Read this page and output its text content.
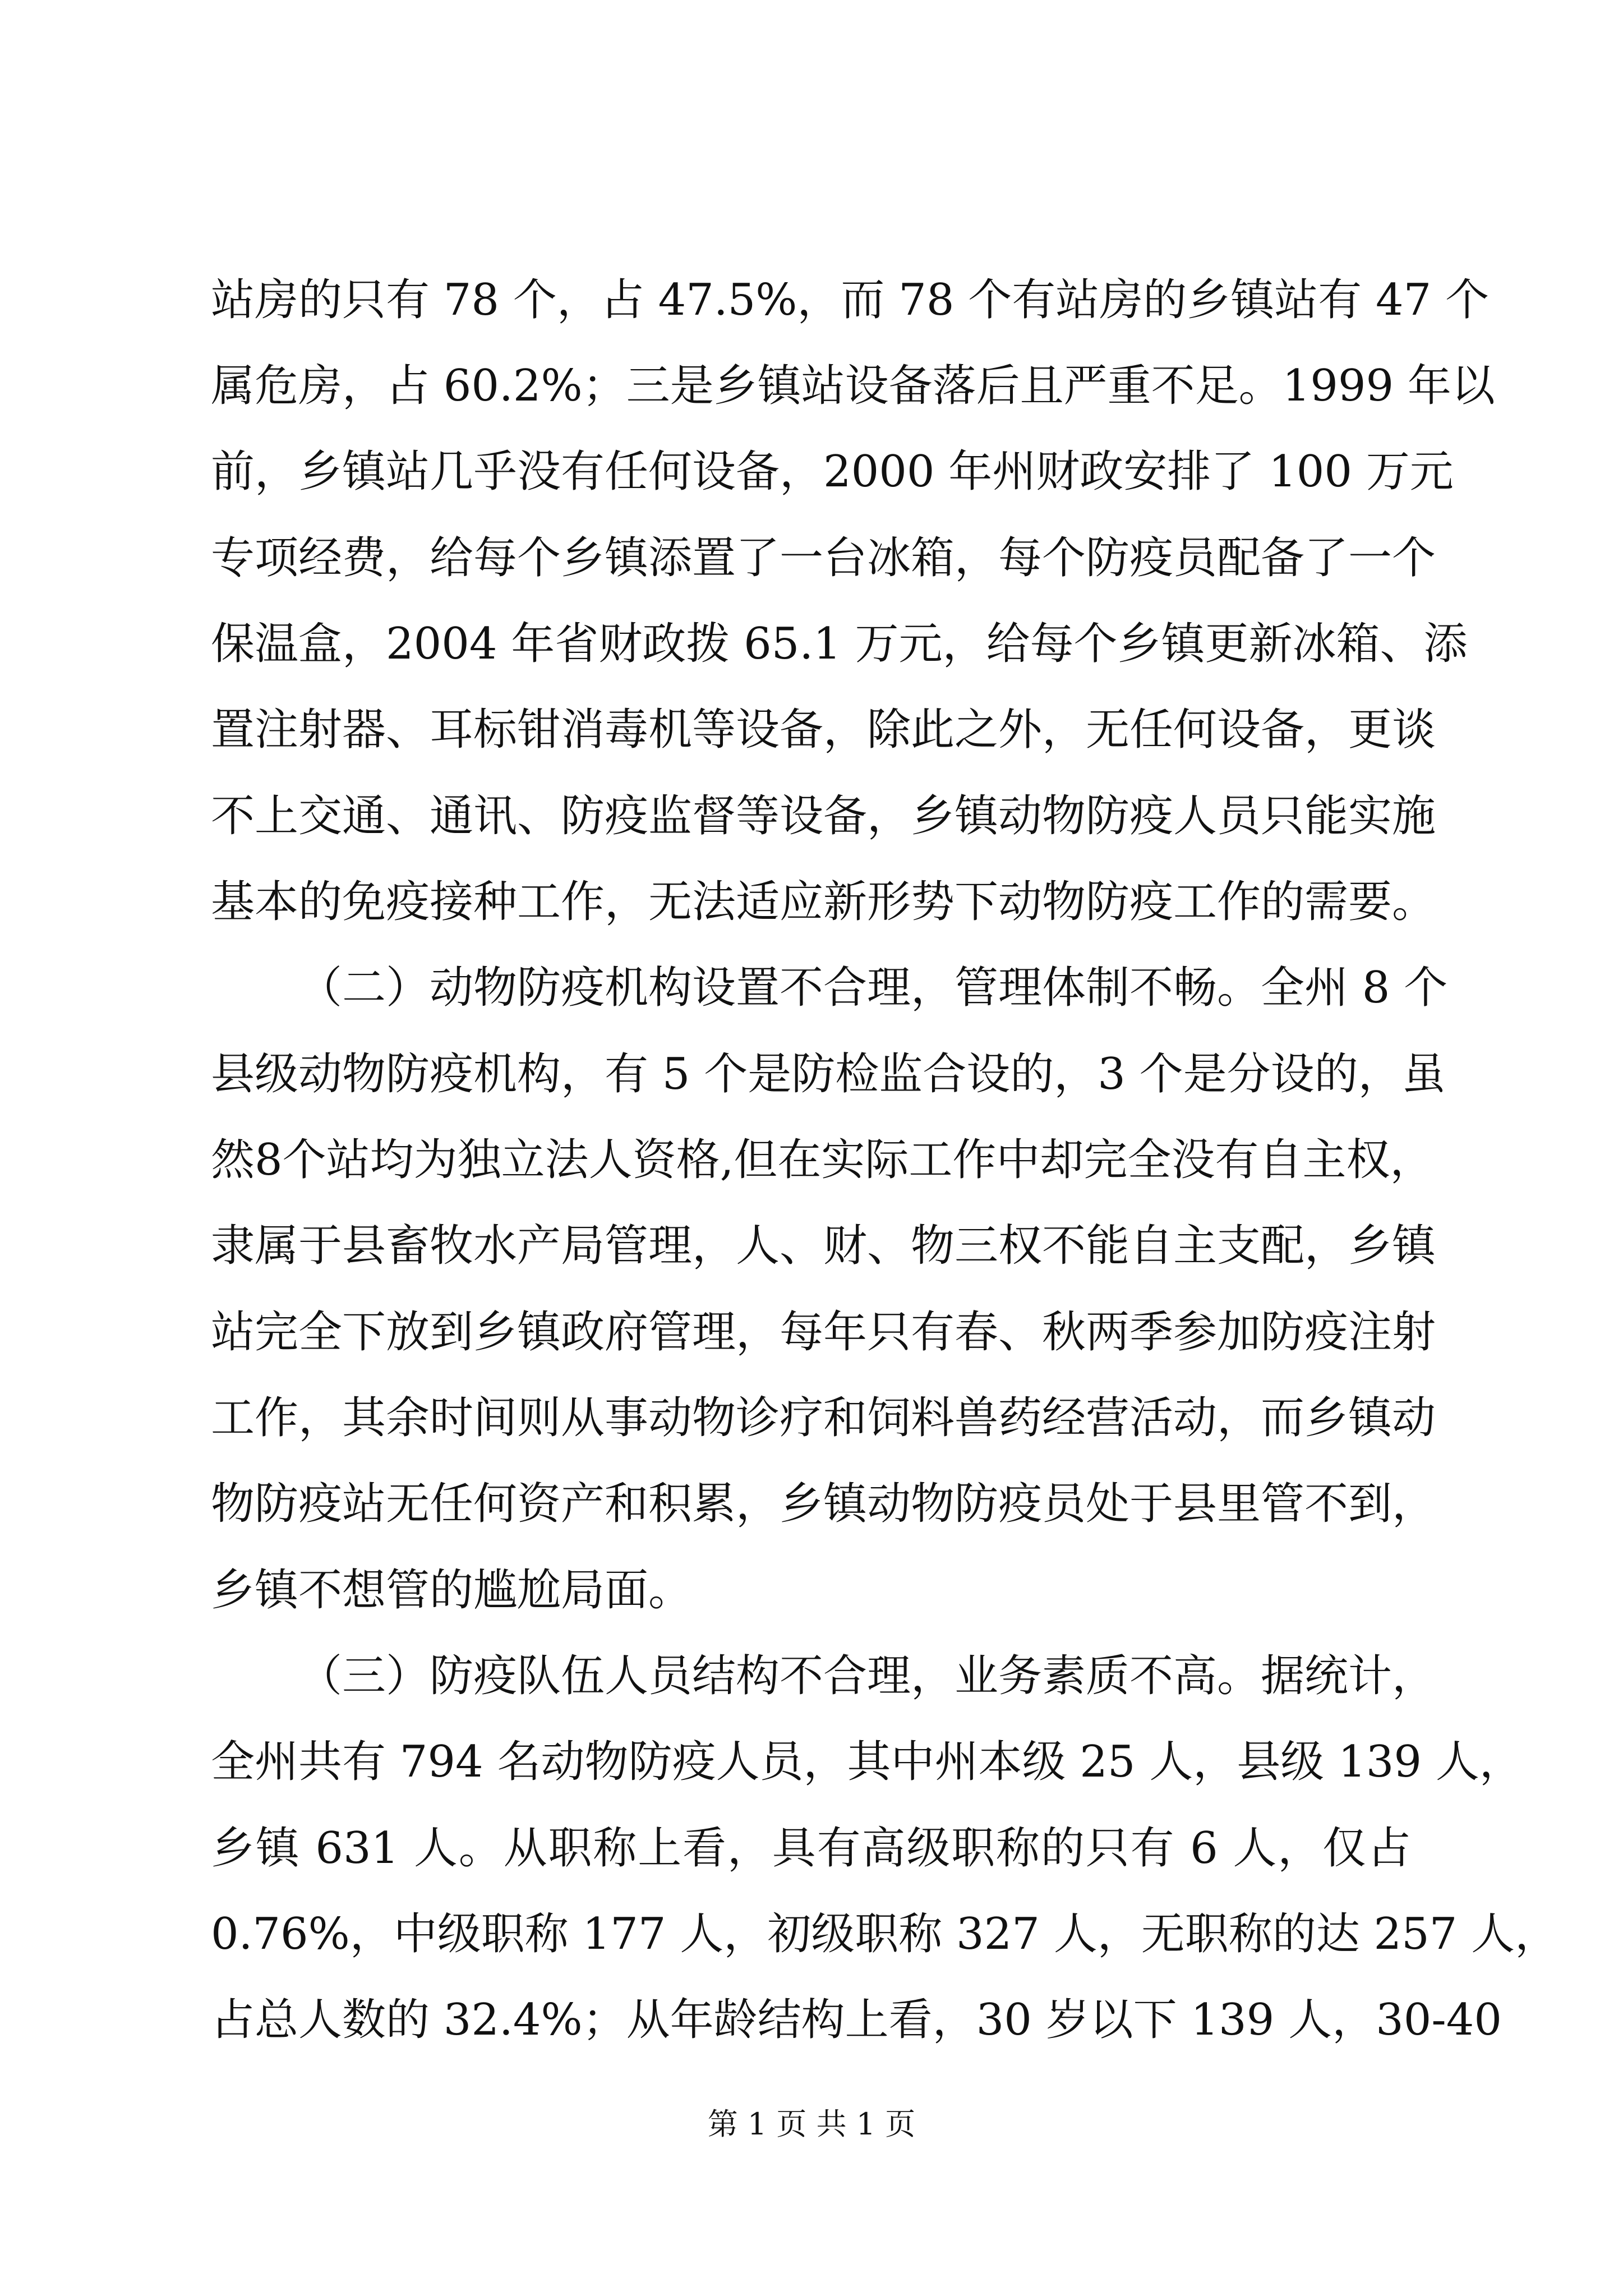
站房的只有 78 个，占 47.5%，而 78 个有站房的乡镇站有 47 个
属危房，占 60.2%；三是乡镇站设备落后且严重不足。1999 年以
前，乡镇站几乎没有任何设备，2000 年州财政安排了 100 万元
专项经费，给每个乡镇添置了一台冰箱，每个防疫员配备了一个
保温盒，2004 年省财政拨 65.1 万元，给每个乡镇更新冰箱、添
置注射器、耳标钳消毒机等设备，除此之外，无任何设备，更谈
不上交通、通讯、防疫监督等设备，乡镇动物防疫人员只能实施
基本的免疫接种工作，无法适应新形势下动物防疫工作的需要。
（二）动物防疫机构设置不合理，管理体制不畅。全州 8 个
县级动物防疫机构，有 5 个是防检监合设的，3 个是分设的，虽
然8个站均为独立法人资格,但在实际工作中却完全没有自主权，
隶属于县畜牧水产局管理，人、财、物三权不能自主支配，乡镇
站完全下放到乡镇政府管理，每年只有春、秋两季参加防疫注射
工作，其余时间则从事动物诊疗和饲料兽药经营活动，而乡镇动
物防疫站无任何资产和积累，乡镇动物防疫员处于县里管不到，
乡镇不想管的尴尬局面。
（三）防疫队伍人员结构不合理，业务素质不高。据统计，
全州共有 794 名动物防疫人员，其中州本级 25 人，县级 139 人，
乡镇 631 人。从职称上看，具有高级职称的只有 6 人，仅占
0.76%，中级职称 177 人，初级职称 327 人，无职称的达 257 人，
占总人数的 32.4%；从年龄结构上看，30 岁以下 139 人，30-40
第 1 页 共 1 页
